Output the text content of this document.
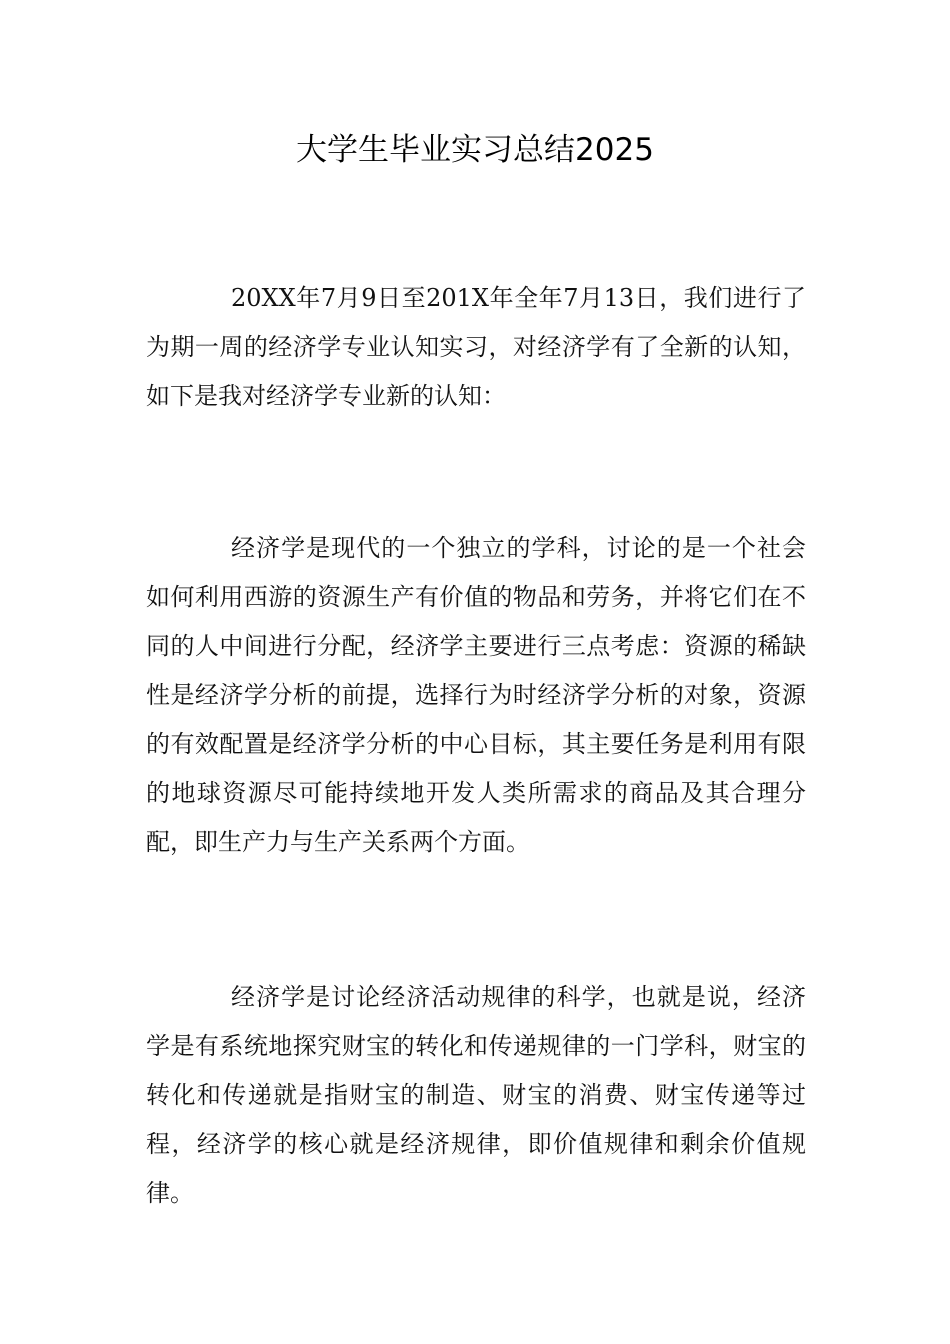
大学生毕业实习总结2025

20XX年7月9日至201X年全年7月13日，我们进行了为期一周的经济学专业认知实习，对经济学有了全新的认知，如下是我对经济学专业新的认知：

经济学是现代的一个独立的学科，讨论的是一个社会如何利用西游的资源生产有价值的物品和劳务，并将它们在不同的人中间进行分配，经济学主要进行三点考虑：资源的稀缺性是经济学分析的前提，选择行为时经济学分析的对象，资源的有效配置是经济学分析的中心目标，其主要任务是利用有限的地球资源尽可能持续地开发人类所需求的商品及其合理分配，即生产力与生产关系两个方面。

经济学是讨论经济活动规律的科学，也就是说，经济学是有系统地探究财宝的转化和传递规律的一门学科，财宝的转化和传递就是指财宝的制造、财宝的消费、财宝传递等过程，经济学的核心就是经济规律，即价值规律和剩余价值规律。
